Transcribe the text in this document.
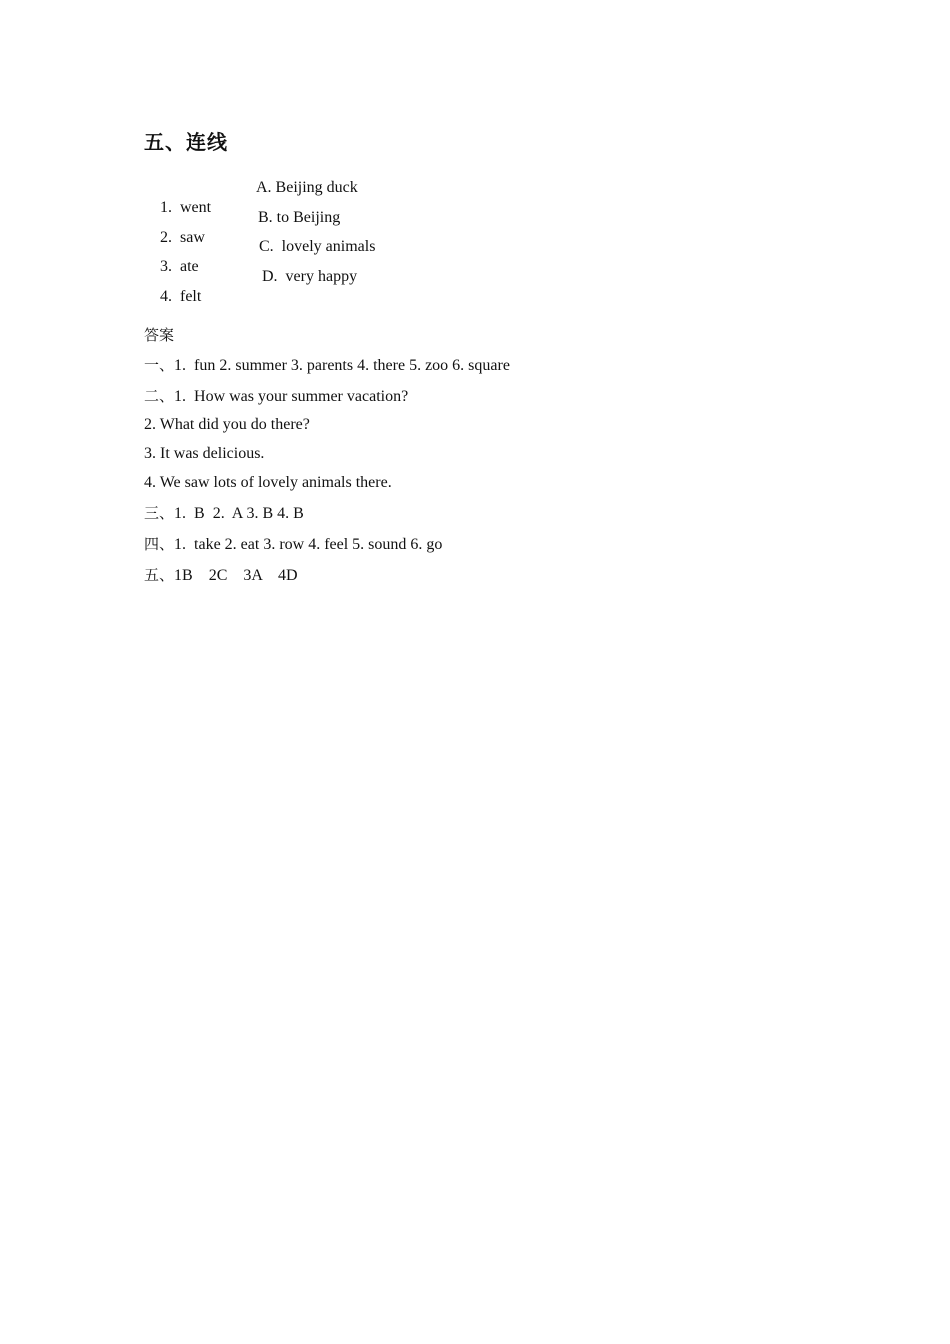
五、连线

1.  went

A. Beijing duck

2.  saw

B. to Beijing

3.  ate

C.  lovely animals

4.  felt

D.  very happy

答案
一、1.  fun 2. summer 3. parents 4. there 5. zoo 6. square
二、1.  How was your summer vacation?
2. What did you do there?
3. It was delicious.
4. We saw lots of lovely animals there.
三、1.  B  2.  A 3. B 4. B
四、1.  take 2. eat 3. row 4. feel 5. sound 6. go
五、1B    2C    3A    4D
